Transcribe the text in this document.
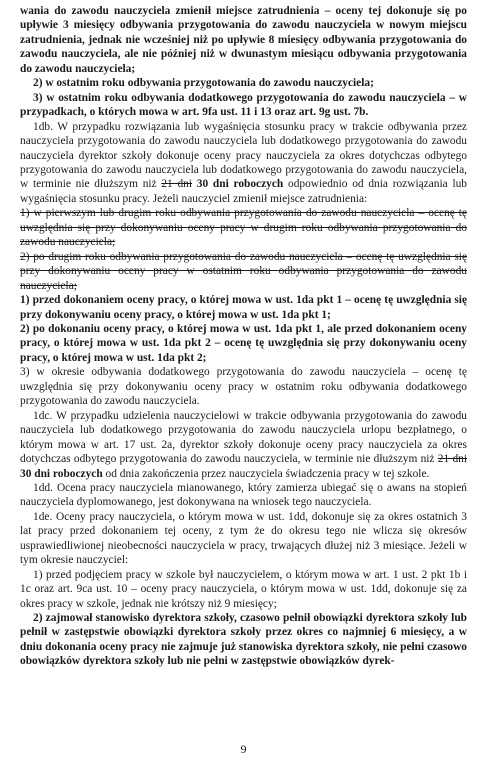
wania do zawodu nauczyciela zmienił miejsce zatrudnienia – oceny tej dokonuje się po upływie 3 miesięcy odbywania przygotowania do zawodu nauczyciela w nowym miejscu zatrudnienia, jednak nie wcześniej niż po upływie 8 miesięcy odbywania przygotowania do zawodu nauczyciela, ale nie później niż w dwunastym miesiącu odbywania przygotowania do zawodu nauczyciela;

2) w ostatnim roku odbywania przygotowania do zawodu nauczyciela;

3) w ostatnim roku odbywania dodatkowego przygotowania do zawodu nauczyciela – w przypadkach, o których mowa w art. 9fa ust. 11 i 13 oraz art. 9g ust. 7b.

1db. W przypadku rozwiązania lub wygaśnięcia stosunku pracy w trakcie odbywania przez nauczyciela przygotowania do zawodu nauczyciela lub dodatkowego przygotowania do zawodu nauczyciela dyrektor szkoły dokonuje oceny pracy nauczyciela za okres dotychczas odbytego przygotowania do zawodu nauczyciela lub dodatkowego przygotowania do zawodu nauczyciela, w terminie nie dłuższym niż 21 dni 30 dni roboczych odpowiednio od dnia rozwiązania lub wygaśnięcia stosunku pracy. Jeżeli nauczyciel zmienił miejsce zatrudnienia:

1) w pierwszym lub drugim roku odbywania przygotowania do zawodu nauczyciela – ocenę tę uwzględnia się przy dokonywaniu oceny pracy w drugim roku odbywania przygotowania do zawodu nauczyciela;

2) po drugim roku odbywania przygotowania do zawodu nauczyciela – ocenę tę uwzględnia się przy dokonywaniu oceny pracy w ostatnim roku odbywania przygotowania do zawodu nauczyciela;

1) przed dokonaniem oceny pracy, o której mowa w ust. 1da pkt 1 – ocenę tę uwzględnia się przy dokonywaniu oceny pracy, o której mowa w ust. 1da pkt 1;

2) po dokonaniu oceny pracy, o której mowa w ust. 1da pkt 1, ale przed dokonaniem oceny pracy, o której mowa w ust. 1da pkt 2 – ocenę tę uwzględnia się przy dokonywaniu oceny pracy, o której mowa w ust. 1da pkt 2;

3) w okresie odbywania dodatkowego przygotowania do zawodu nauczyciela – ocenę tę uwzględnia się przy dokonywaniu oceny pracy w ostatnim roku odbywania dodatkowego przygotowania do zawodu nauczyciela.

1dc. W przypadku udzielenia nauczycielowi w trakcie odbywania przygotowania do zawodu nauczyciela lub dodatkowego przygotowania do zawodu nauczyciela urlopu bezpłatnego, o którym mowa w art. 17 ust. 2a, dyrektor szkoły dokonuje oceny pracy nauczyciela za okres dotychczas odbytego przygotowania do zawodu nauczyciela, w terminie nie dłuższym niż 21 dni 30 dni roboczych od dnia zakończenia przez nauczyciela świadczenia pracy w tej szkole.

1dd. Ocena pracy nauczyciela mianowanego, który zamierza ubiegać się o awans na stopień nauczyciela dyplomowanego, jest dokonywana na wniosek tego nauczyciela.

1de. Oceny pracy nauczyciela, o którym mowa w ust. 1dd, dokonuje się za okres ostatnich 3 lat pracy przed dokonaniem tej oceny, z tym że do okresu tego nie wlicza się okresów usprawiedliwionej nieobecności nauczyciela w pracy, trwających dłużej niż 3 miesiące. Jeżeli w tym okresie nauczyciel:

1) przed podjęciem pracy w szkole był nauczycielem, o którym mowa w art. 1 ust. 2 pkt 1b i 1c oraz art. 9ca ust. 10 – oceny pracy nauczyciela, o którym mowa w ust. 1dd, dokonuje się za okres pracy w szkole, jednak nie krótszy niż 9 miesięcy;

2) zajmował stanowisko dyrektora szkoły, czasowo pełnił obowiązki dyrektora szkoły lub pełnił w zastępstwie obowiązki dyrektora szkoły przez okres co najmniej 6 miesięcy, a w dniu dokonania oceny pracy nie zajmuje już stanowiska dyrektora szkoły, nie pełni czasowo obowiązków dyrektora szkoły lub nie pełni w zastępstwie obowiązków dyrek-

9
